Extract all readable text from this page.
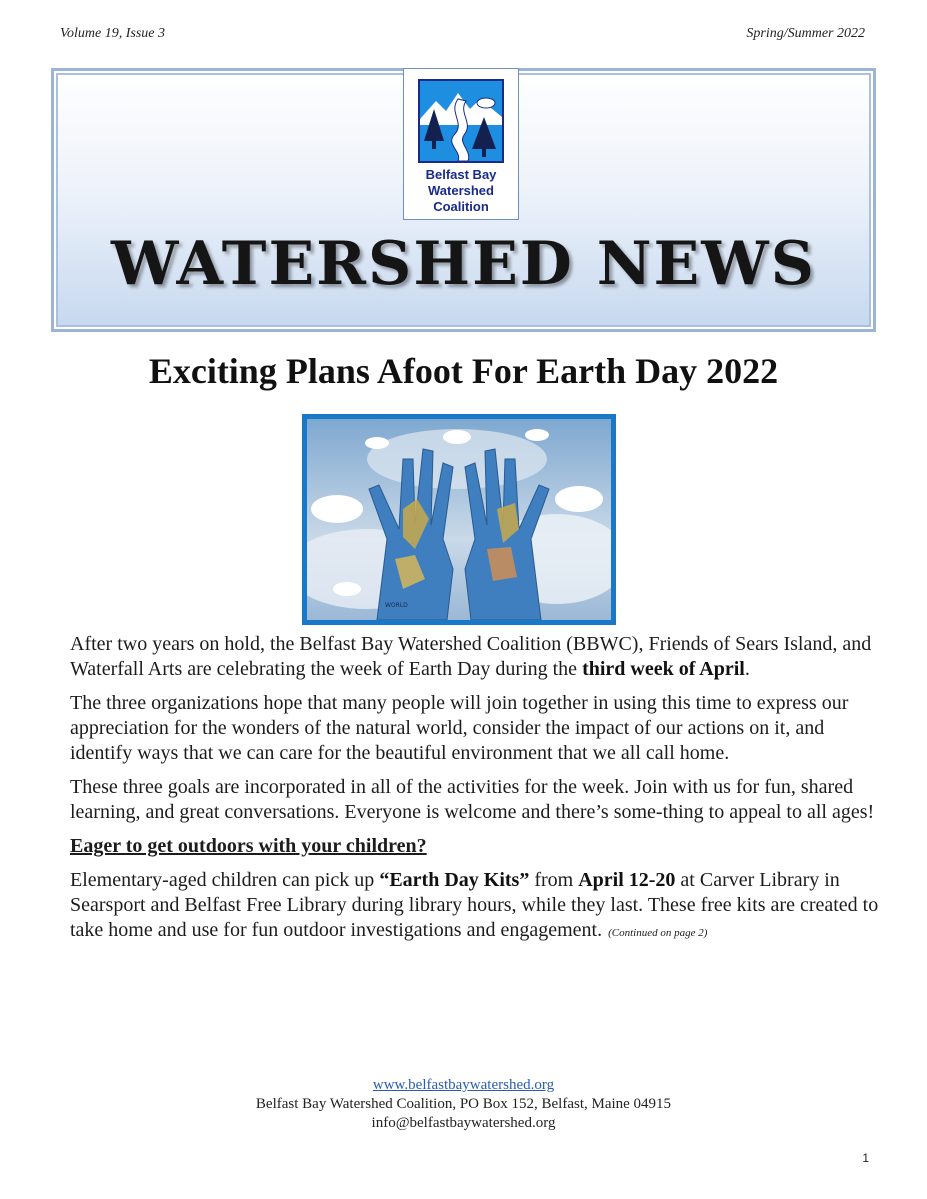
Volume 19, Issue 3	Spring/Summer 2022
Belfast Bay
Watershed
Coalition
WATERSHED NEWS
Exciting Plans Afoot For Earth Day 2022
WORLD

After two years on hold, the Belfast Bay Watershed Coalition (BBWC), Friends of Sears Island, and Waterfall Arts are celebrating the week of Earth Day during the third week of April.

The three organizations hope that many people will join together in using this time to express our appreciation for the wonders of the natural world, consider the impact of our actions on it, and identify ways that we can care for the beautiful environment that we all call home.

These three goals are incorporated in all of the activities for the week. Join with us for fun, shared learning, and great conversations. Everyone is welcome and there’s some-thing to appeal to all ages!

Eager to get outdoors with your children?

Elementary-aged children can pick up “Earth Day Kits” from April 12-20 at Carver Library in Searsport and Belfast Free Library during library hours, while they last. These free kits are created to take home and use for fun outdoor investigations and engagement. (Continued on page 2)

www.belfastbaywatershed.org
Belfast Bay Watershed Coalition, PO Box 152, Belfast, Maine 04915
info@belfastbaywatershed.org
1
